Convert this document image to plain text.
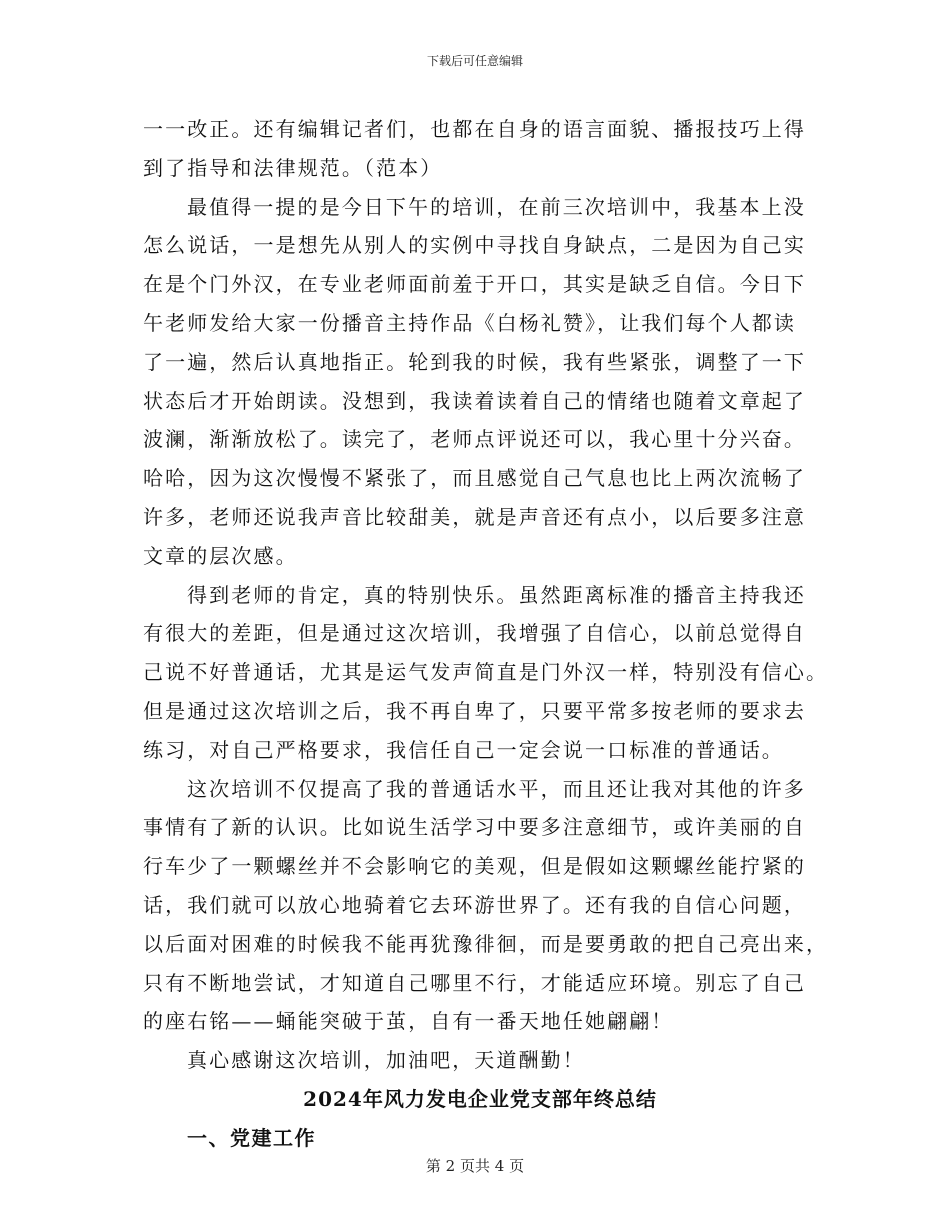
下载后可任意编辑
一一改正。还有编辑记者们，也都在自身的语言面貌、播报技巧上得
到了指导和法律规范。（范本）
最值得一提的是今日下午的培训，在前三次培训中，我基本上没
怎么说话，一是想先从别人的实例中寻找自身缺点，二是因为自己实
在是个门外汉，在专业老师面前羞于开口，其实是缺乏自信。今日下
午老师发给大家一份播音主持作品《白杨礼赞》，让我们每个人都读
了一遍，然后认真地指正。轮到我的时候，我有些紧张，调整了一下
状态后才开始朗读。没想到，我读着读着自己的情绪也随着文章起了
波澜，渐渐放松了。读完了，老师点评说还可以，我心里十分兴奋。
哈哈，因为这次慢慢不紧张了，而且感觉自己气息也比上两次流畅了
许多，老师还说我声音比较甜美，就是声音还有点小，以后要多注意
文章的层次感。
得到老师的肯定，真的特别快乐。虽然距离标准的播音主持我还
有很大的差距，但是通过这次培训，我增强了自信心，以前总觉得自
己说不好普通话，尤其是运气发声简直是门外汉一样，特别没有信心。
但是通过这次培训之后，我不再自卑了，只要平常多按老师的要求去
练习，对自己严格要求，我信任自己一定会说一口标准的普通话。
这次培训不仅提高了我的普通话水平，而且还让我对其他的许多
事情有了新的认识。比如说生活学习中要多注意细节，或许美丽的自
行车少了一颗螺丝并不会影响它的美观，但是假如这颗螺丝能拧紧的
话，我们就可以放心地骑着它去环游世界了。还有我的自信心问题，
以后面对困难的时候我不能再犹豫徘徊，而是要勇敢的把自己亮出来，
只有不断地尝试，才知道自己哪里不行，才能适应环境。别忘了自己
的座右铭——蛹能突破于茧，自有一番天地任她翩翩！
真心感谢这次培训，加油吧，天道酬勤！
2024年风力发电企业党支部年终总结
一、党建工作
第 2 页共 4 页
